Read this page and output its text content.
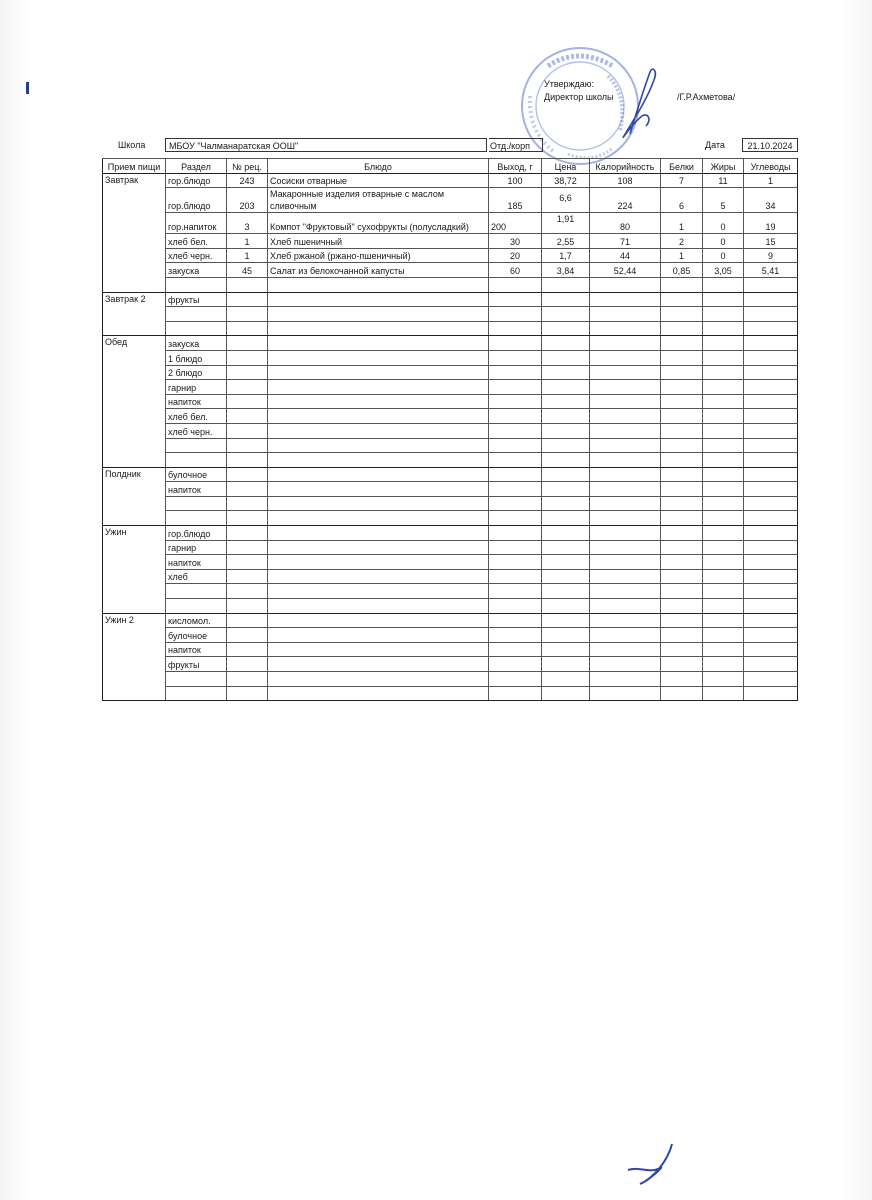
Утверждаю:
Директор школы	/Г.Р.Ахметова/
Школа	МБОУ "Чалманаратская ООШ"	Отд./корп	Дата	21.10.2024
Прием пищи	Раздел	№ рец.	Блюдо	Выход, г	Цена	Калорийность	Белки	Жиры	Углеводы
Завтрак	гор.блюдо	243	Сосиски отварные	100	38,72	108	7	11	1
	гор.блюдо	203	Макаронные изделия отварные с маслом сливочным	185	6,6	224	6	5	34
	гор.напиток	3	Компот "Фруктовый" сухофрукты (полусладкий)	200	1,91	80	1	0	19
	хлеб бел.	1	Хлеб пшеничный	30	2,55	71	2	0	15
	хлеб черн.	1	Хлеб ржаной (ржано-пшеничный)	20	1,7	44	1	0	9
	закуска	45	Салат из белокочанной капусты	60	3,84	52,44	0,85	3,05	5,41

Завтрак 2	фрукты								

Обед	закуска								
	1 блюдо								
	2 блюдо								
	гарнир								
	напиток								
	хлеб бел.								
	хлеб черн.								

Полдник	булочное								
	напиток								

Ужин	гор.блюдо								
	гарнир								
	напиток								
	хлеб								

Ужин 2	кисломол.								
	булочное								
	напиток								
	фрукты								
